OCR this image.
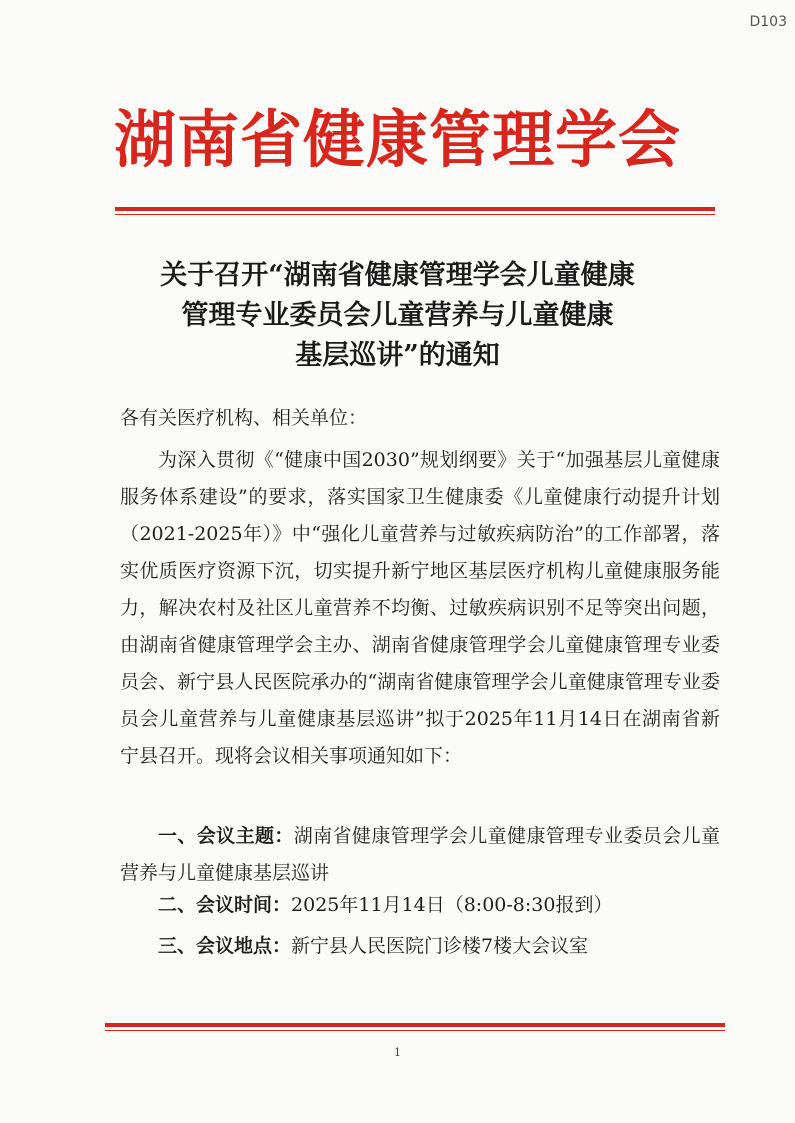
D103
湖南省健康管理学会
关于召开“湖南省健康管理学会儿童健康
管理专业委员会儿童营养与儿童健康
基层巡讲”的通知
各有关医疗机构、相关单位：
为深入贯彻《“健康中国2030”规划纲要》关于“加强基层儿童健康服务体系建设”的要求，落实国家卫生健康委《儿童健康行动提升计划（2021-2025年）》中“强化儿童营养与过敏疾病防治”的工作部署，落实优质医疗资源下沉，切实提升新宁地区基层医疗机构儿童健康服务能力，解决农村及社区儿童营养不均衡、过敏疾病识别不足等突出问题，由湖南省健康管理学会主办、湖南省健康管理学会儿童健康管理专业委员会、新宁县人民医院承办的“湖南省健康管理学会儿童健康管理专业委员会儿童营养与儿童健康基层巡讲”拟于2025年11月14日在湖南省新宁县召开。现将会议相关事项通知如下：
一、会议主题：湖南省健康管理学会儿童健康管理专业委员会儿童营养与儿童健康基层巡讲
二、会议时间：2025年11月14日（8:00-8:30报到）
三、会议地点：新宁县人民医院门诊楼7楼大会议室
1
